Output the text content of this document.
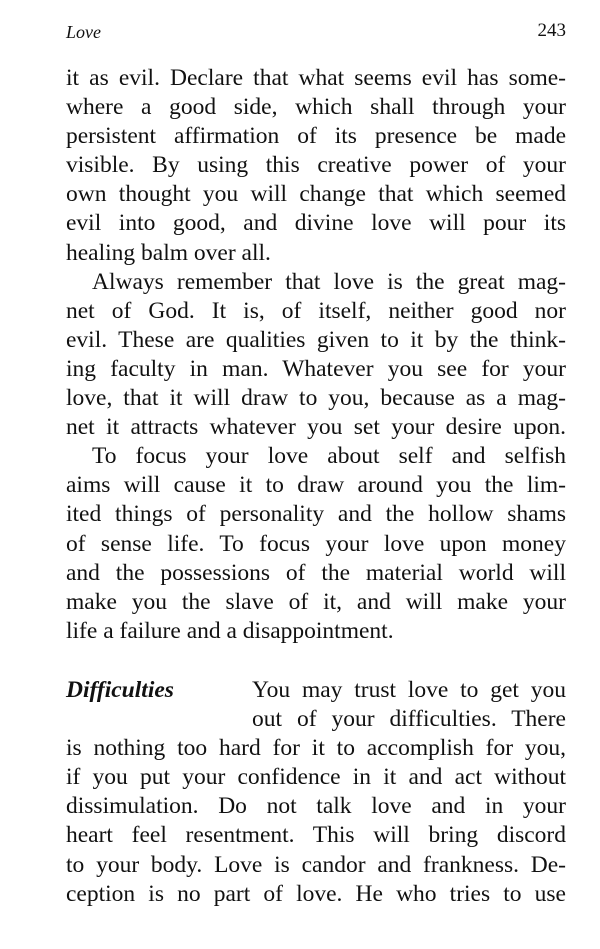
Love	243
it as evil. Declare that what seems evil has some-
where a good side, which shall through your
persistent affirmation of its presence be made
visible. By using this creative power of your
own thought you will change that which seemed
evil into good, and divine love will pour its
healing balm over all.
Always remember that love is the great mag-
net of God. It is, of itself, neither good nor
evil. These are qualities given to it by the think-
ing faculty in man. Whatever you see for your
love, that it will draw to you, because as a mag-
net it attracts whatever you set your desire upon.
To focus your love about self and selfish
aims will cause it to draw around you the lim-
ited things of personality and the hollow shams
of sense life. To focus your love upon money
and the possessions of the material world will
make you the slave of it, and will make your
life a failure and a disappointment.
Difficulties	You may trust love to get you
out of your difficulties. There
is nothing too hard for it to accomplish for you,
if you put your confidence in it and act without
dissimulation. Do not talk love and in your
heart feel resentment. This will bring discord
to your body. Love is candor and frankness. De-
ception is no part of love. He who tries to use
